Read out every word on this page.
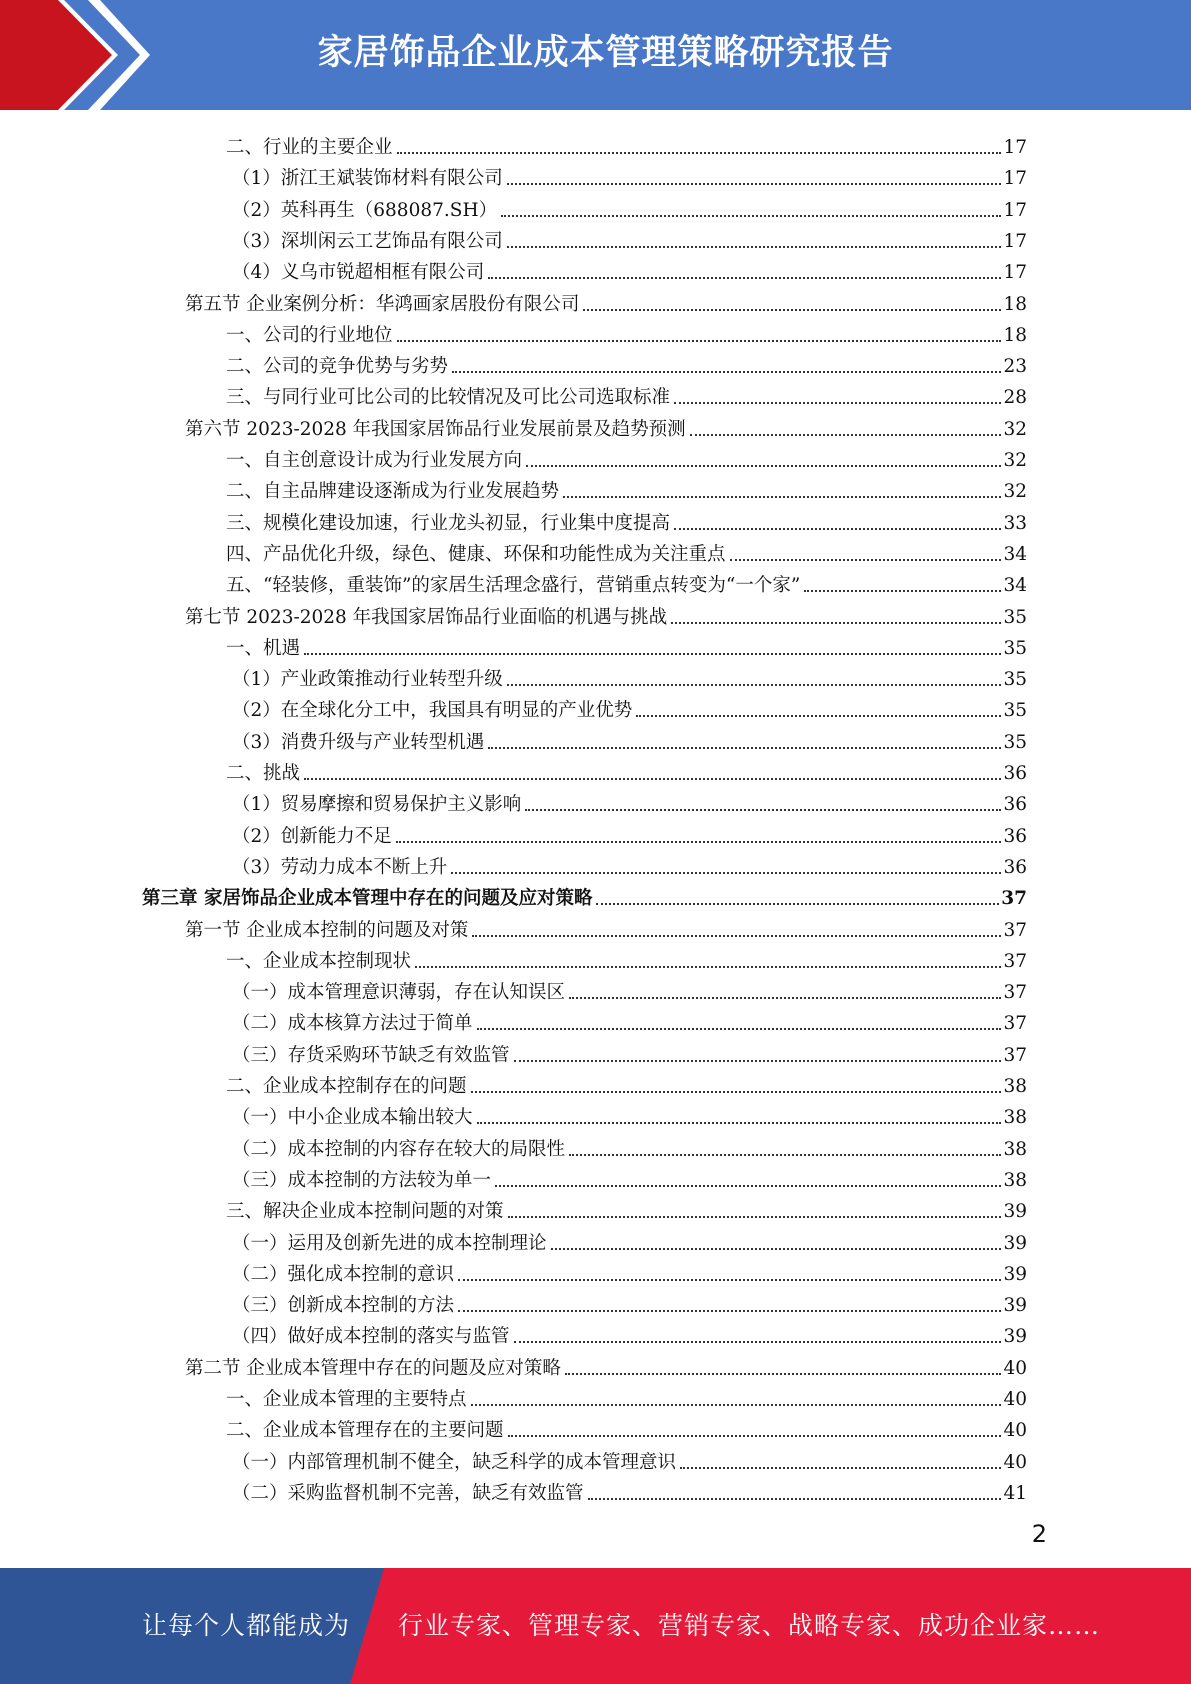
家居饰品企业成本管理策略研究报告
二、行业的主要企业	17
（1）浙江王斌装饰材料有限公司	17
（2）英科再生（688087.SH）	17
（3）深圳闲云工艺饰品有限公司	17
（4）义乌市锐超相框有限公司	17
第五节 企业案例分析：华鸿画家居股份有限公司	18
一、公司的行业地位	18
二、公司的竞争优势与劣势	23
三、与同行业可比公司的比较情况及可比公司选取标准	28
第六节 2023-2028 年我国家居饰品行业发展前景及趋势预测	32
一、自主创意设计成为行业发展方向	32
二、自主品牌建设逐渐成为行业发展趋势	32
三、规模化建设加速，行业龙头初显，行业集中度提高	33
四、产品优化升级，绿色、健康、环保和功能性成为关注重点	34
五、“轻装修，重装饰”的家居生活理念盛行，营销重点转变为“一个家”	34
第七节 2023-2028 年我国家居饰品行业面临的机遇与挑战	35
一、机遇	35
（1）产业政策推动行业转型升级	35
（2）在全球化分工中，我国具有明显的产业优势	35
（3）消费升级与产业转型机遇	35
二、挑战	36
（1）贸易摩擦和贸易保护主义影响	36
（2）创新能力不足	36
（3）劳动力成本不断上升	36
第三章 家居饰品企业成本管理中存在的问题及应对策略	37
第一节 企业成本控制的问题及对策	37
一、企业成本控制现状	37
（一）成本管理意识薄弱，存在认知误区	37
（二）成本核算方法过于简单	37
（三）存货采购环节缺乏有效监管	37
二、企业成本控制存在的问题	38
（一）中小企业成本输出较大	38
（二）成本控制的内容存在较大的局限性	38
（三）成本控制的方法较为单一	38
三、解决企业成本控制问题的对策	39
（一）运用及创新先进的成本控制理论	39
（二）强化成本控制的意识	39
（三）创新成本控制的方法	39
（四）做好成本控制的落实与监管	39
第二节 企业成本管理中存在的问题及应对策略	40
一、企业成本管理的主要特点	40
二、企业成本管理存在的主要问题	40
（一）内部管理机制不健全，缺乏科学的成本管理意识	40
（二）采购监督机制不完善，缺乏有效监管	41
2
让每个人都能成为 行业专家、管理专家、营销专家、战略专家、成功企业家……
